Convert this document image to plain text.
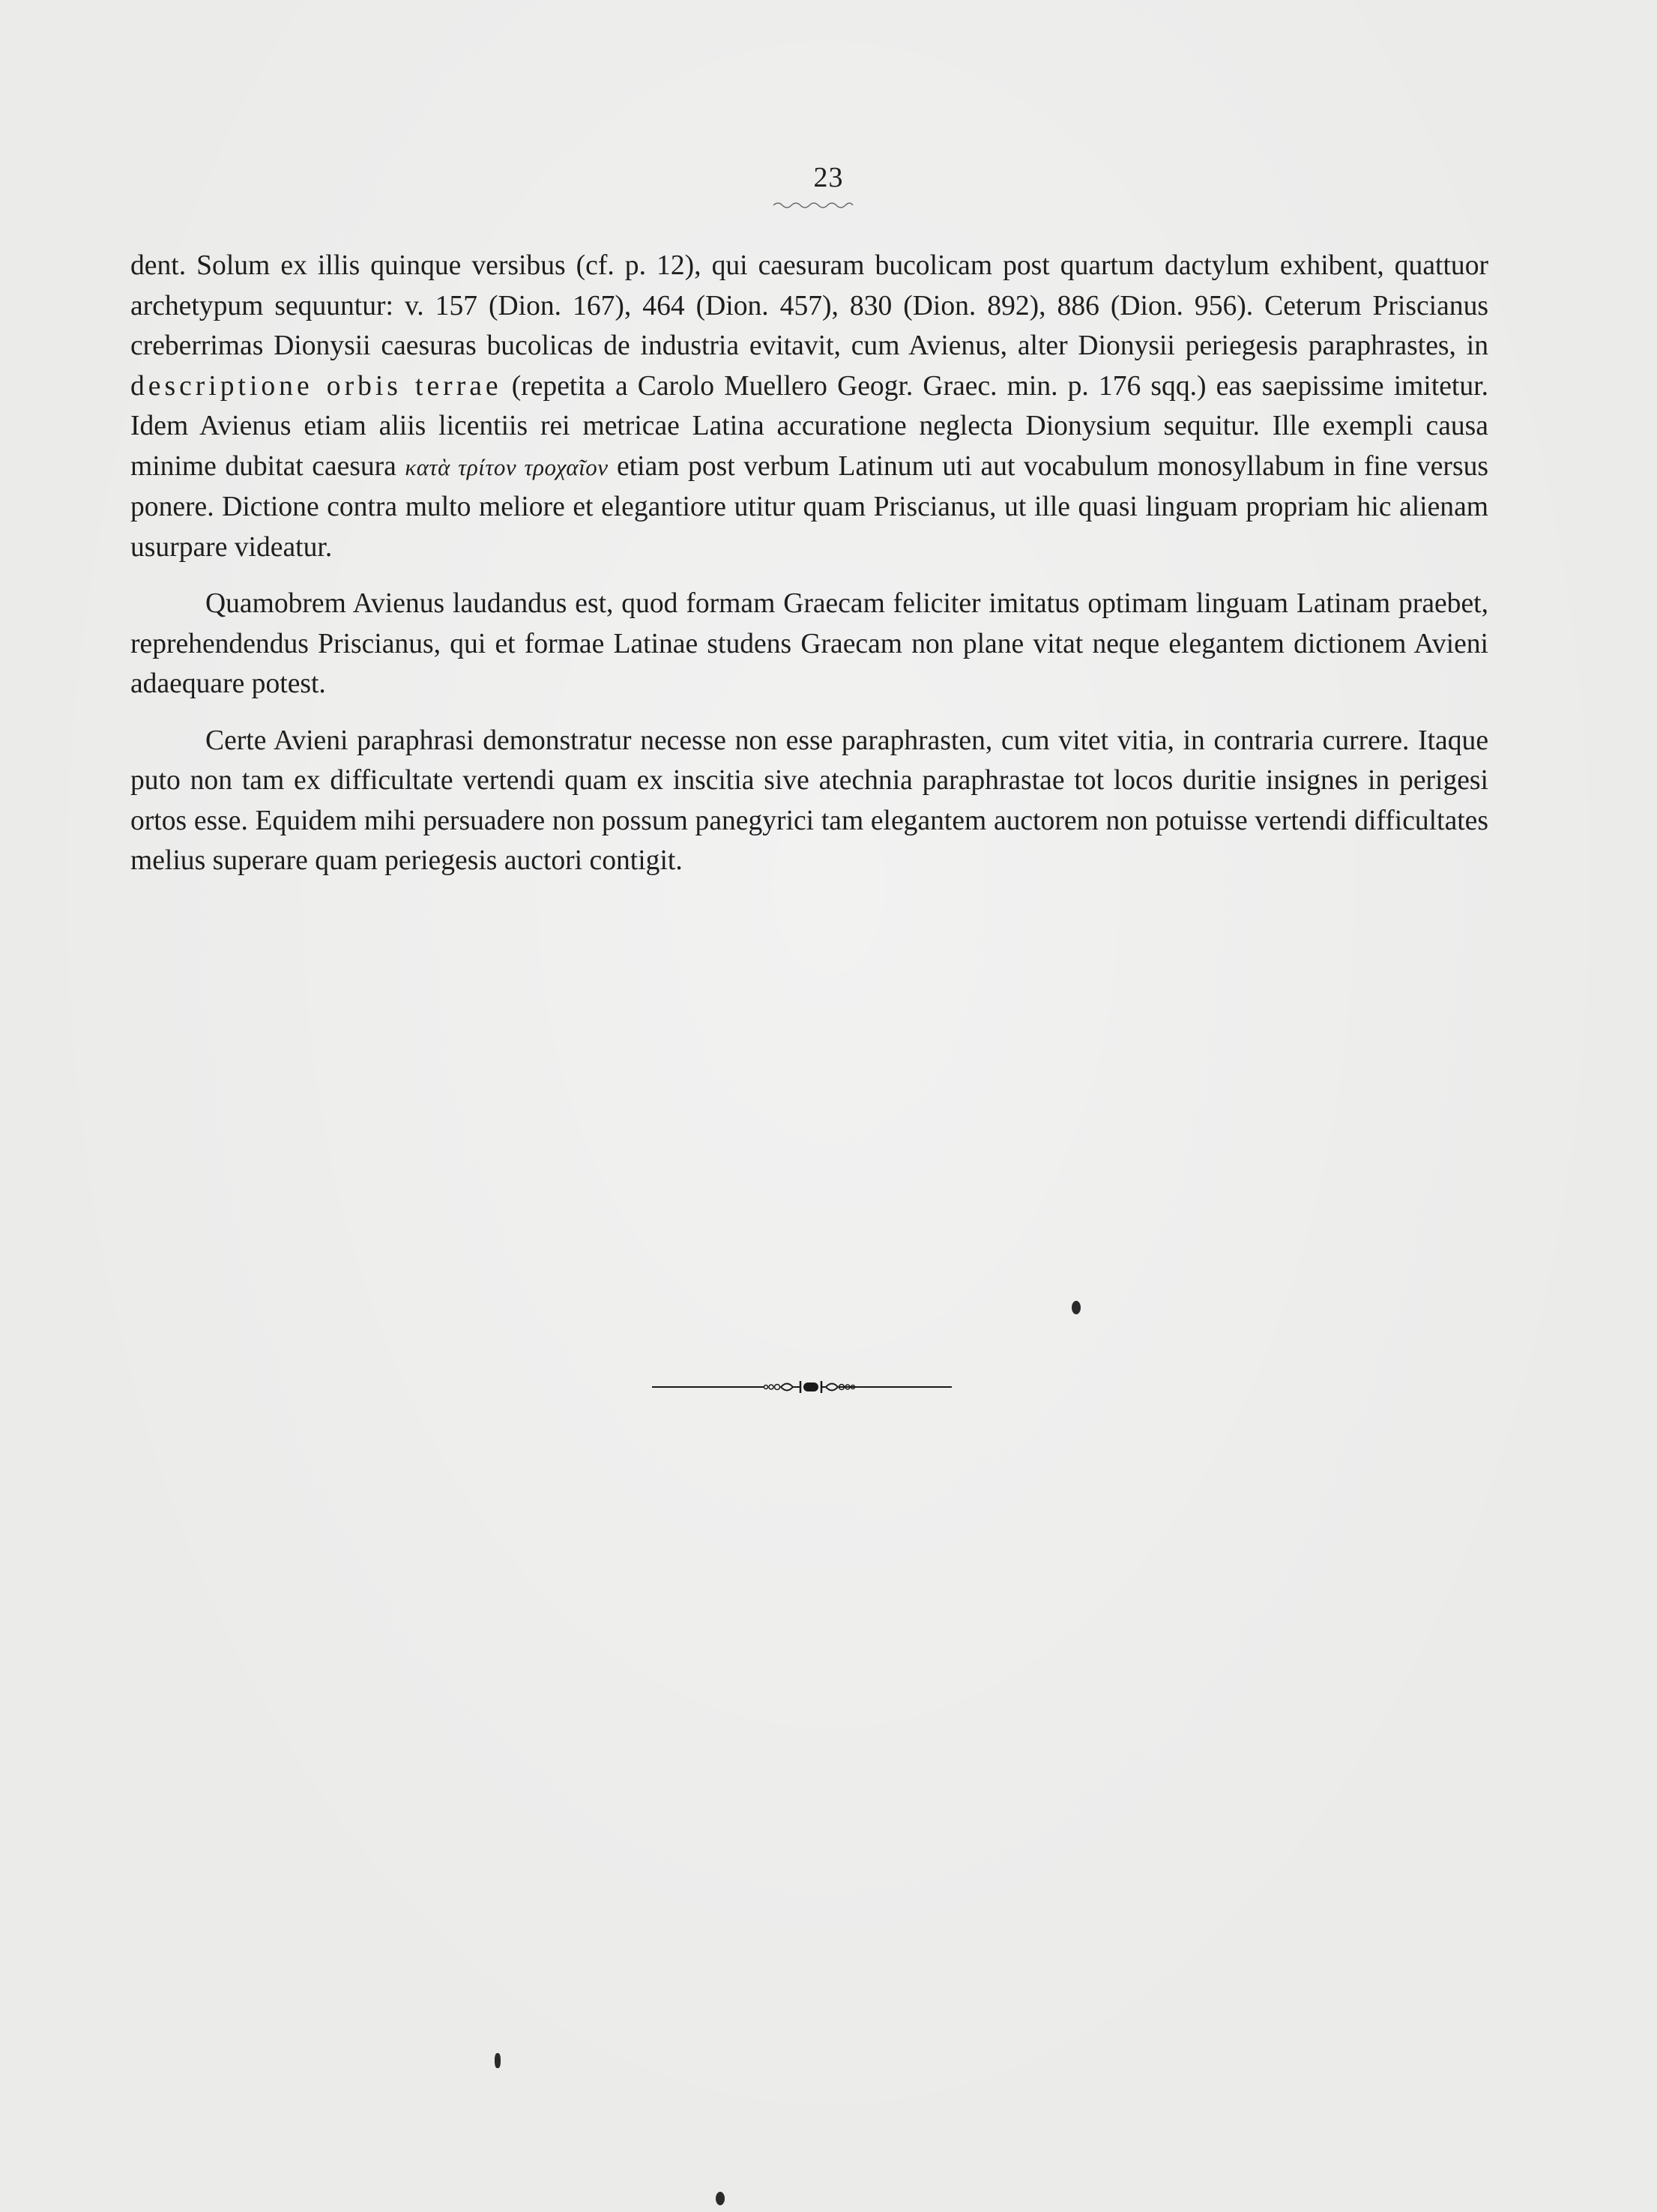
23

dent. Solum ex illis quinque versibus (cf. p. 12), qui caesuram bucolicam post quartum dactylum exhibent, quattuor archetypum sequuntur: v. 157 (Dion. 167), 464 (Dion. 457), 830 (Dion. 892), 886 (Dion. 956). Ceterum Priscianus creberrimas Dionysii caesuras bucolicas de industria evitavit, cum Avienus, alter Dionysii periegesis paraphrastes, in descriptione orbis terrae (repetita a Carolo Muellero Geogr. Graec. min. p. 176 sqq.) eas saepissime imitetur. Idem Avienus etiam aliis licentiis rei metricae Latina accuratione neglecta Dionysium sequitur. Ille exempli causa minime dubitat caesura κατὰ τρίτον τροχαῖον etiam post verbum Latinum uti aut vocabulum monosyllabum in fine versus ponere. Dictione contra multo meliore et elegantiore utitur quam Priscianus, ut ille quasi linguam propriam hic alienam usurpare videatur.

Quamobrem Avienus laudandus est, quod formam Graecam feliciter imitatus optimam linguam Latinam praebet, reprehendendus Priscianus, qui et formae Latinae studens Graecam non plane vitat neque elegantem dictionem Avieni adaequare potest.

Certe Avieni paraphrasi demonstratur necesse non esse paraphrasten, cum vitet vitia, in contraria currere. Itaque puto non tam ex difficultate vertendi quam ex inscitia sive atechnia paraphrastae tot locos duritie insignes in perigesi ortos esse. Equidem mihi persuadere non possum panegyrici tam elegantem auctorem non potuisse vertendi difficultates melius superare quam periegesis auctori contigit.
